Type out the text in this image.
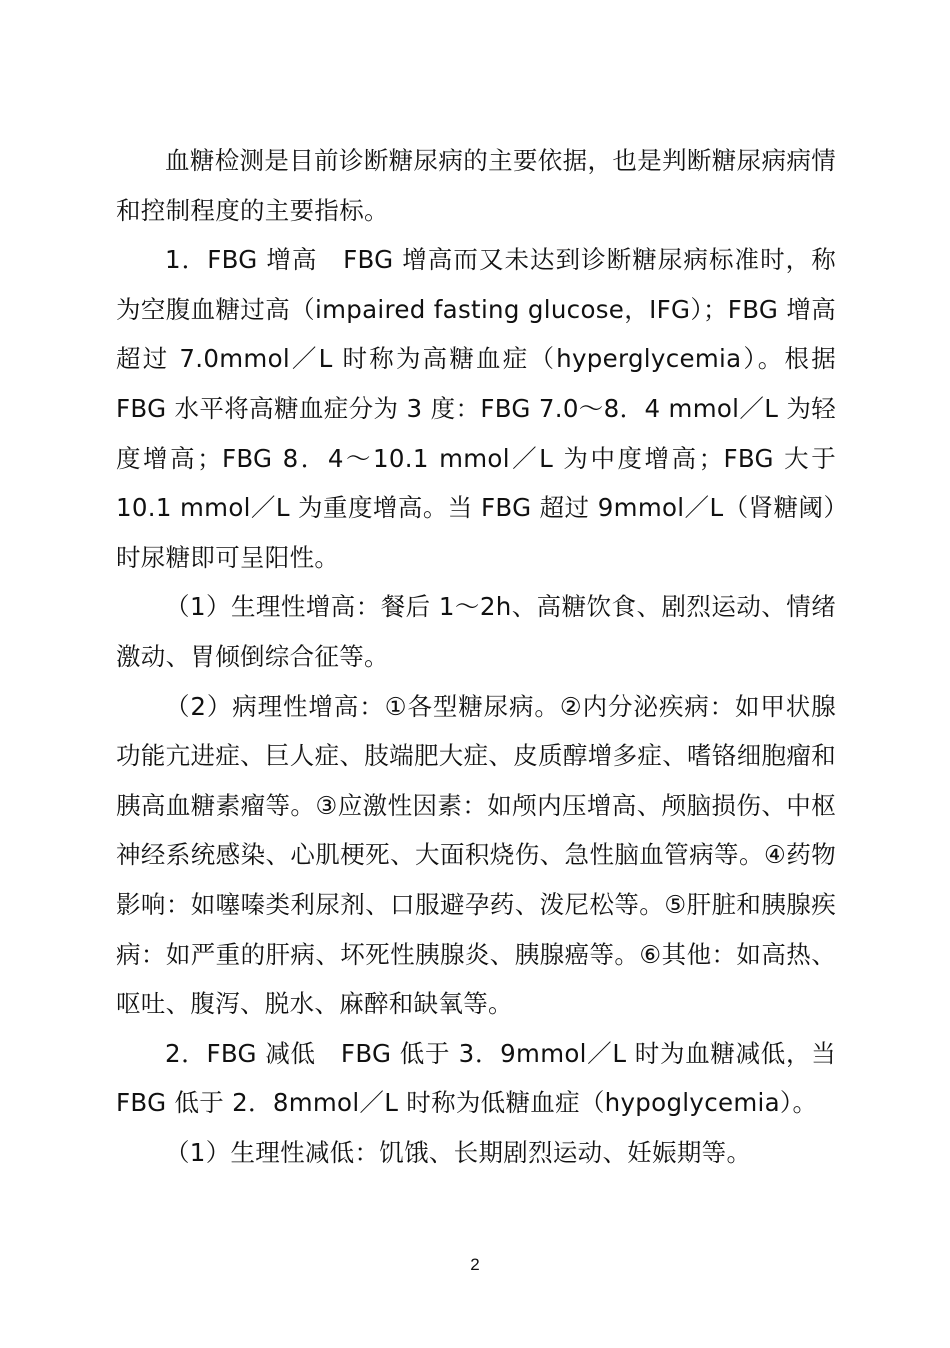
血糖检测是目前诊断糖尿病的主要依据，也是判断糖尿病病情和控制程度的主要指标。

1．FBG 增高　FBG 增高而又未达到诊断糖尿病标准时，称为空腹血糖过高（impaired fasting glucose，IFG）；FBG 增高超过 7.0mmol／L 时称为高糖血症（hyperglycemia）。根据 FBG 水平将高糖血症分为 3 度：FBG 7.0～8．4 mmol／L 为轻度增高；FBG 8．4～10.1 mmol／L 为中度增高；FBG 大于 10.1 mmol／L 为重度增高。当 FBG 超过 9mmol／L（肾糖阈）时尿糖即可呈阳性。

（1）生理性增高：餐后 1～2h、高糖饮食、剧烈运动、情绪激动、胃倾倒综合征等。

（2）病理性增高：①各型糖尿病。②内分泌疾病：如甲状腺功能亢进症、巨人症、肢端肥大症、皮质醇增多症、嗜铬细胞瘤和胰高血糖素瘤等。③应激性因素：如颅内压增高、颅脑损伤、中枢神经系统感染、心肌梗死、大面积烧伤、急性脑血管病等。④药物影响：如噻嗪类利尿剂、口服避孕药、泼尼松等。⑤肝脏和胰腺疾病：如严重的肝病、坏死性胰腺炎、胰腺癌等。⑥其他：如高热、呕吐、腹泻、脱水、麻醉和缺氧等。

2．FBG 减低　FBG 低于 3．9mmol／L 时为血糖减低，当 FBG 低于 2．8mmol／L 时称为低糖血症（hypoglycemia）。

（1）生理性减低：饥饿、长期剧烈运动、妊娠期等。

2
